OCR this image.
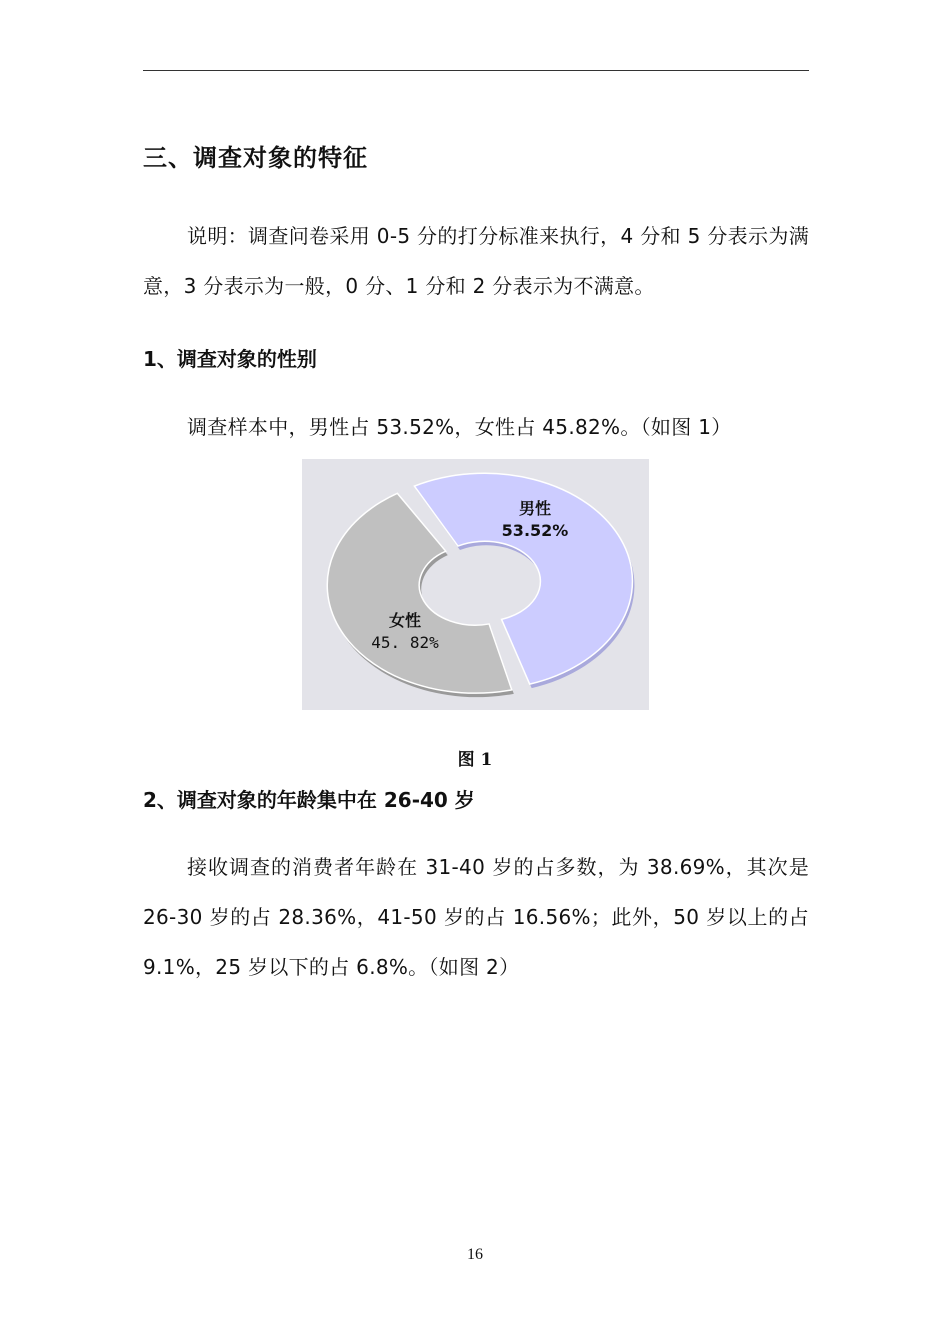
三、调查对象的特征
说明：调查问卷采用 0-5 分的打分标准来执行，4 分和 5 分表示为满意，3 分表示为一般，0 分、1 分和 2 分表示为不满意。
1、调查对象的性别
调查样本中，男性占 53.52%，女性占 45.82%。（如图 1）
2、调查对象的年龄集中在 26-40 岁
接收调查的消费者年龄在 31-40 岁的占多数，为 38.69%，其次是 26-30 岁的占 28.36%，41-50 岁的占 16.56%；此外，50 岁以上的占 9.1%，25 岁以下的占 6.8%。（如图 2）
男性
53.52%
女性
45. 82%
图 1
16
